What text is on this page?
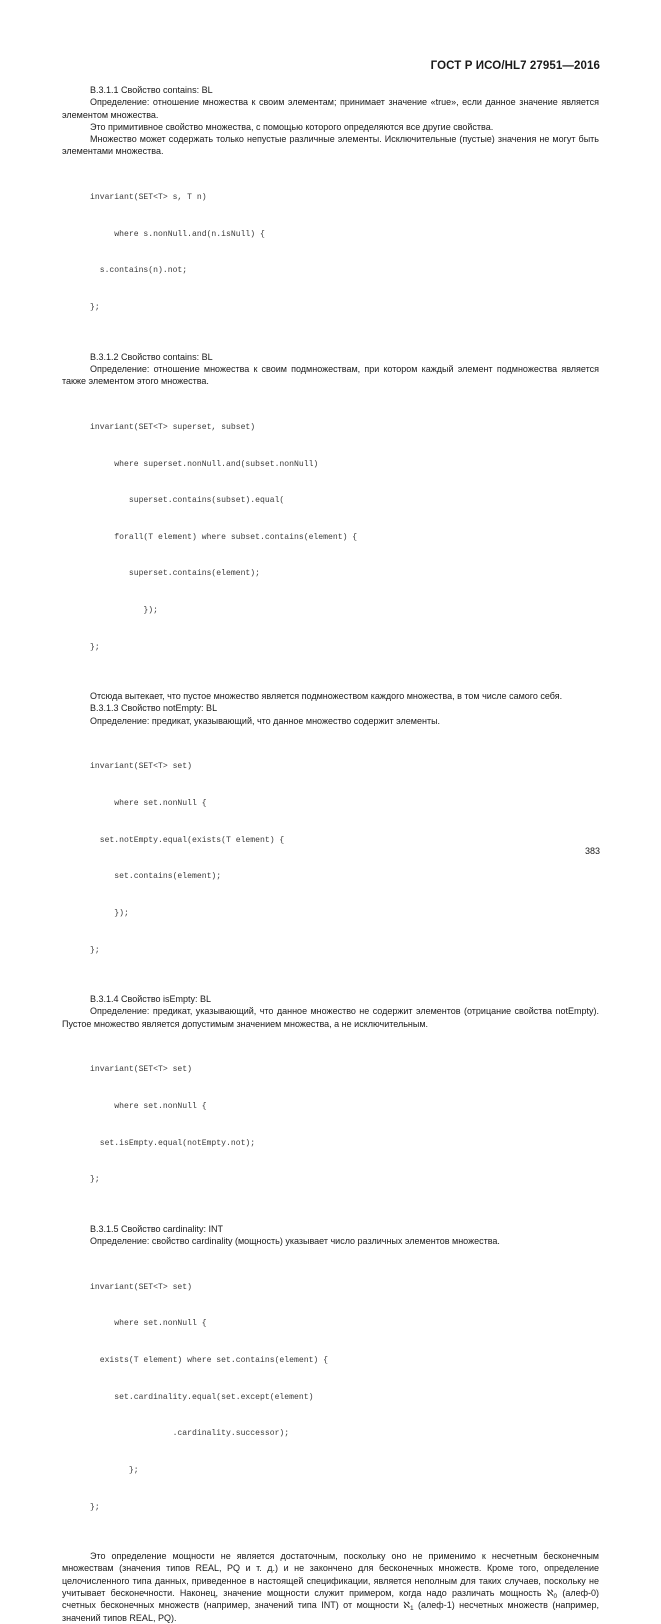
ГОСТ Р ИСО/HL7 27951—2016

B.3.1.1 Свойство contains: BL

Определение: отношение множества к своим элементам; принимает значение «true», если данное значение является элементом множества.

Это примитивное свойство множества, с помощью которого определяются все другие свойства.

Множество может содержать только непустые различные элементы. Исключительные (пустые) значения не могут быть элементами множества.

invariant(SET<T> s, T n)

where s.nonNull.and(n.isNull) {

s.contains(n).not;

};

B.3.1.2 Свойство contains: BL

Определение: отношение множества к своим подмножествам, при котором каждый элемент подмножества является также элементом этого множества.

invariant(SET<T> superset, subset)

where superset.nonNull.and(subset.nonNull)

superset.contains(subset).equal(

forall(T element) where subset.contains(element) {

superset.contains(element);

});

};

Отсюда вытекает, что пустое множество является подмножеством каждого множества, в том числе самого себя.

B.3.1.3 Свойство notEmpty: BL

Определение: предикат, указывающий, что данное множество содержит элементы.

invariant(SET<T> set)

where set.nonNull {

set.notEmpty.equal(exists(T element) {

set.contains(element);

});

};

B.3.1.4 Свойство isEmpty: BL

Определение: предикат, указывающий, что данное множество не содержит элементов (отрицание свойства notEmpty). Пустое множество является допустимым значением множества, а не исключительным.

invariant(SET<T> set)

where set.nonNull {

set.isEmpty.equal(notEmpty.not);

};

B.3.1.5 Свойство cardinality: INT

Определение: свойство cardinality (мощность) указывает число различных элементов множества.

invariant(SET<T> set)

where set.nonNull {

exists(T element) where set.contains(element) {

set.cardinality.equal(set.except(element)

.cardinality.successor);

};

};

Это определение мощности не является достаточным, поскольку оно не применимо к несчетным бесконечным множествам (значения типов REAL, PQ и т. д.) и не закончено для бесконечных множеств. Кроме того, определение целочисленного типа данных, приведенное в настоящей спецификации, является неполным для таких случаев, поскольку не учитывает бесконечности. Наконец, значение мощности служит примером, когда надо различать мощность ℵ$_0$ (алеф-0) счетных бесконечных множеств (например, значений типа INT) от мощности ℵ$_1$ (алеф-1) несчетных множеств (например, значений типов REAL, PQ).

383
